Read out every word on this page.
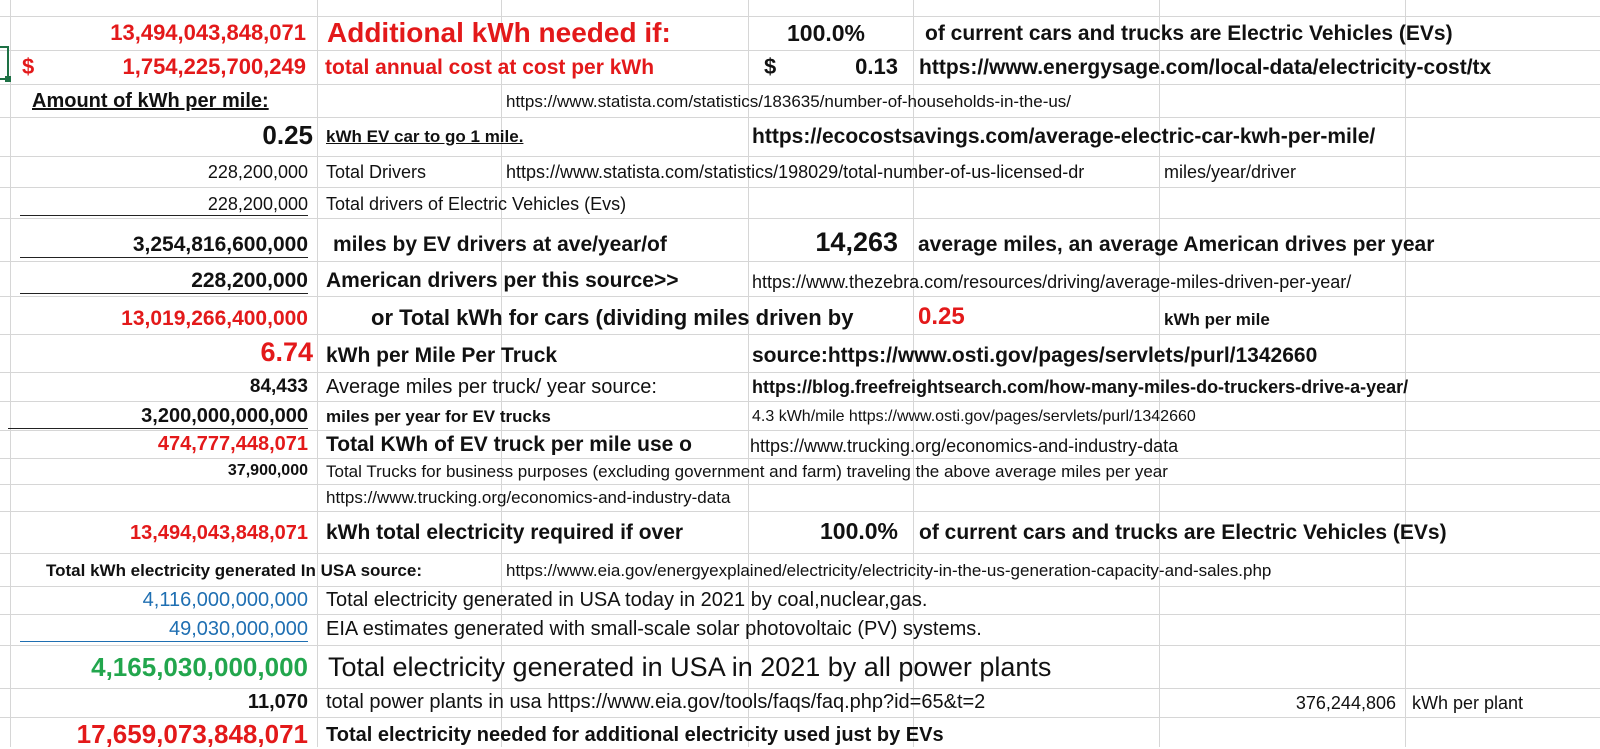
13,494,043,848,071 Additional kWh needed if:	100.0%	of current cars and trucks are Electric Vehicles (EVs)
$	1,754,225,700,249 total annual cost at cost per kWh	$	0.13 https://www.energysage.com/local-data/electricity-cost/tx
Amount of kWh per mile:	https://www.statista.com/statistics/183635/number-of-households-in-the-us/
0.25 kWh EV car to go 1 mile.	https://ecocostsavings.com/average-electric-car-kwh-per-mile/
228,200,000 Total Drivers	https://www.statista.com/statistics/198029/total-number-of-us-licensed-dr	miles/year/driver
228,200,000 Total drivers of Electric Vehicles (Evs)
3,254,816,600,000 miles by EV drivers at ave/year/of	14,263 average miles, an average American drives per year
228,200,000 American drivers per this source>>	https://www.thezebra.com/resources/driving/average-miles-driven-per-year/
13,019,266,400,000	or Total kWh for cars (dividing miles driven by	0.25	kWh per mile
6.74 kWh per Mile Per Truck	source:https://www.osti.gov/pages/servlets/purl/1342660
84,433 Average miles per truck/ year source:	https://blog.freefreightsearch.com/how-many-miles-do-truckers-drive-a-year/
3,200,000,000,000 miles per year for EV trucks	4.3 kWh/mile https://www.osti.gov/pages/servlets/purl/1342660
474,777,448,071 Total KWh of EV truck per mile use o	https://www.trucking.org/economics-and-industry-data
37,900,000 Total Trucks for business purposes (excluding government and farm) traveling the above average miles per year
https://www.trucking.org/economics-and-industry-data
13,494,043,848,071 kWh total electricity required if over	100.0% of current cars and trucks are Electric Vehicles (EVs)
Total kWh electricity generated In USA source:	https://www.eia.gov/energyexplained/electricity/electricity-in-the-us-generation-capacity-and-sales.php
4,116,000,000,000 Total electricity generated in USA today in 2021 by coal,nuclear,gas.
49,030,000,000 EIA estimates generated with small-scale solar photovoltaic (PV) systems.
4,165,030,000,000 Total electricity generated in USA in 2021 by all power plants
11,070 total power plants in usa https://www.eia.gov/tools/faqs/faq.php?id=65&t=2	376,244,806 kWh per plant
17,659,073,848,071 Total electricity needed for additional electricity used just by EVs
